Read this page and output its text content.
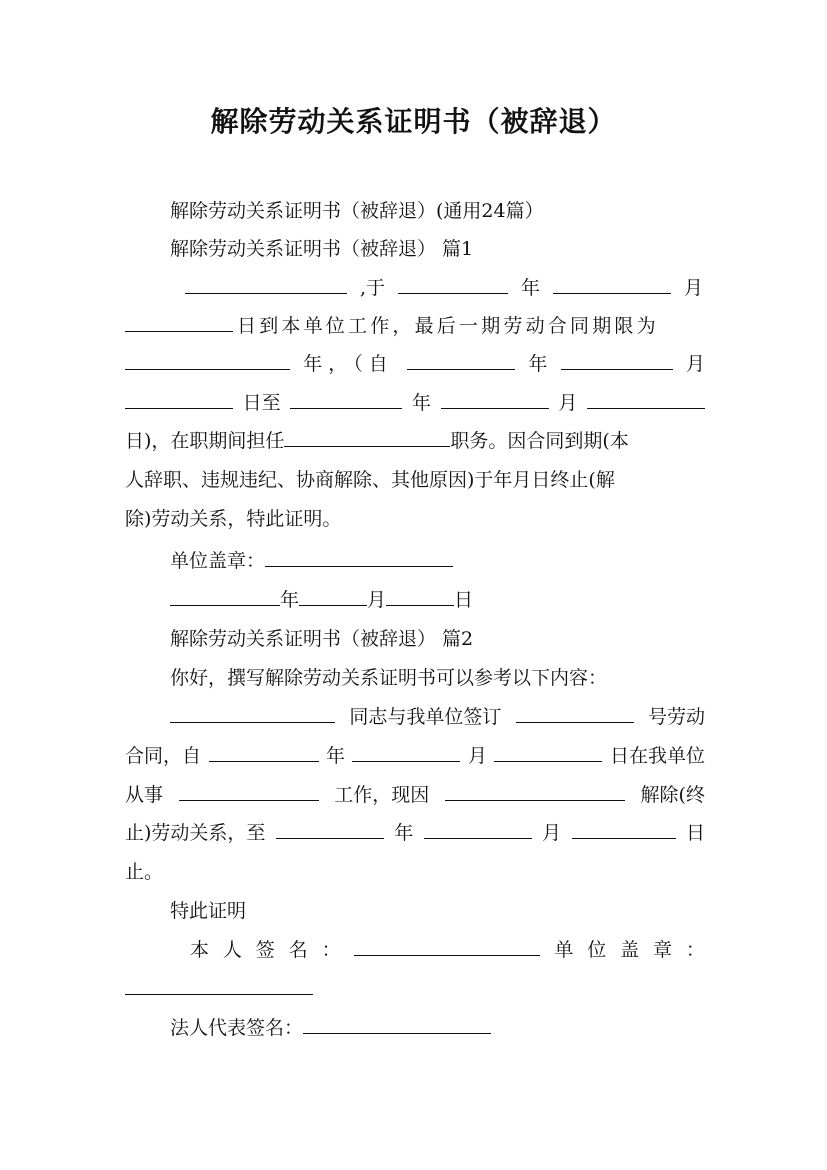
解除劳动关系证明书（被辞退）
解除劳动关系证明书（被辞退）(通用24篇）
解除劳动关系证明书（被辞退） 篇1
,于	年	月
日到本单位工作，最后一期劳动合同期限为
年，（自	年	月
日至	年	月
日)，在职期间担任	职务。因合同到期(本
人辞职、违规违纪、协商解除、其他原因)于年月日终止(解
除)劳动关系，特此证明。
单位盖章：
年	月	日
解除劳动关系证明书（被辞退） 篇2
你好，撰写解除劳动关系证明书可以参考以下内容：
同志与我单位签订	号劳动
合同，自	年	月	日在我单位
从事	工作，现因	解除(终
止)劳动关系，至	年	月	日
止。
特此证明
本 人 签 名 ：	单 位 盖 章 ：
法人代表签名：
